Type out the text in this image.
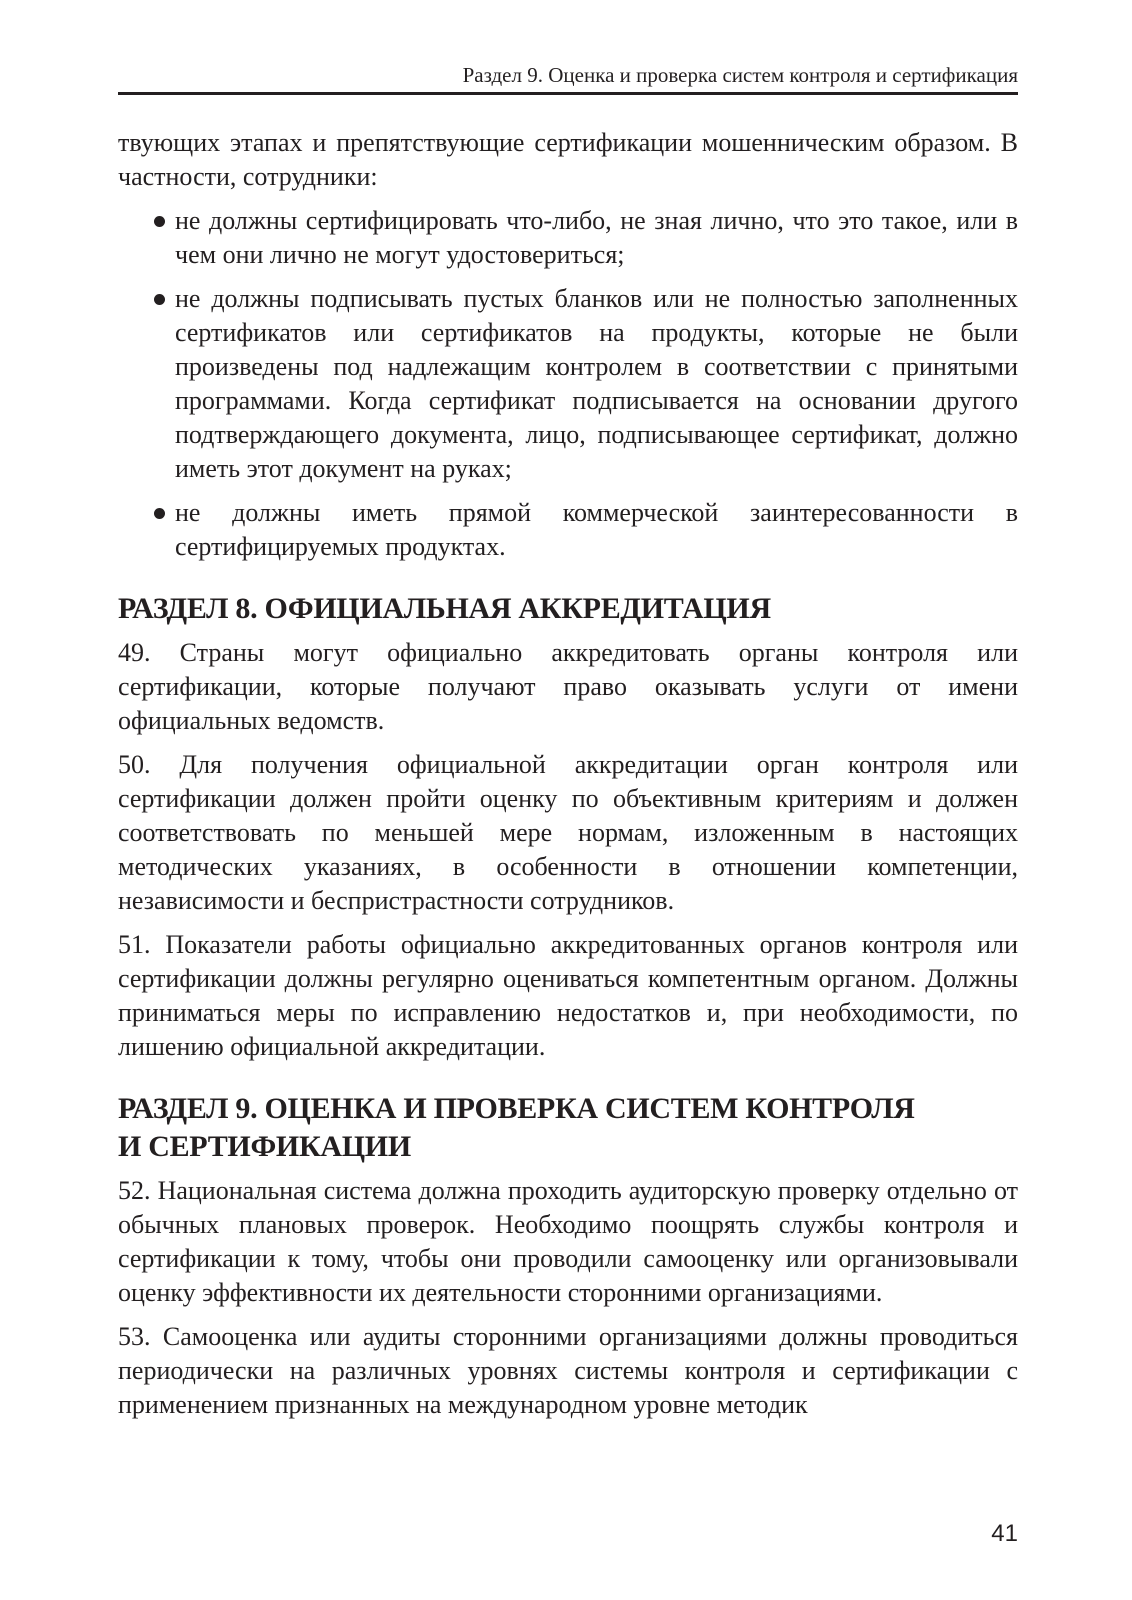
Раздел 9. Оценка и проверка систем контроля и сертификация

твующих этапах и препятствующие сертификации мошенническим образом. В частности, сотрудники:

не должны сертифицировать что-либо, не зная лично, что это такое, или в чем они лично не могут удостовериться;
не должны подписывать пустых бланков или не полностью заполненных сертификатов или сертификатов на продукты, которые не были произведены под надлежащим контролем в соответствии с принятыми программами. Когда сертификат подписывается на основании другого подтверждающего документа, лицо, подписывающее сертификат, должно иметь этот документ на руках;
не должны иметь прямой коммерческой заинтересованности в сертифицируемых продуктах.
РАЗДЕЛ 8. ОФИЦИАЛЬНАЯ АККРЕДИТАЦИЯ

49. Страны могут официально аккредитовать органы контроля или сертификации, которые получают право оказывать услуги от имени официальных ведомств.

50. Для получения официальной аккредитации орган контроля или сертификации должен пройти оценку по объективным критериям и должен соответствовать по меньшей мере нормам, изложенным в настоящих методических указаниях, в особенности в отношении компетенции, независимости и беспристрастности сотрудников.

51. Показатели работы официально аккредитованных органов контроля или сертификации должны регулярно оцениваться компетентным органом. Должны приниматься меры по исправлению недостатков и, при необходимости, по лишению официальной аккредитации.

РАЗДЕЛ 9. ОЦЕНКА И ПРОВЕРКА СИСТЕМ КОНТРОЛЯ
И СЕРТИФИКАЦИИ

52. Национальная система должна проходить аудиторскую проверку отдельно от обычных плановых проверок. Необходимо поощрять службы контроля и сертификации к тому, чтобы они проводили самооценку или организовывали оценку эффективности их деятельности сторонними организациями.

53. Самооценка или аудиты сторонними организациями должны проводиться периодически на различных уровнях системы контроля и сертификации с применением признанных на международном уровне методик

41
